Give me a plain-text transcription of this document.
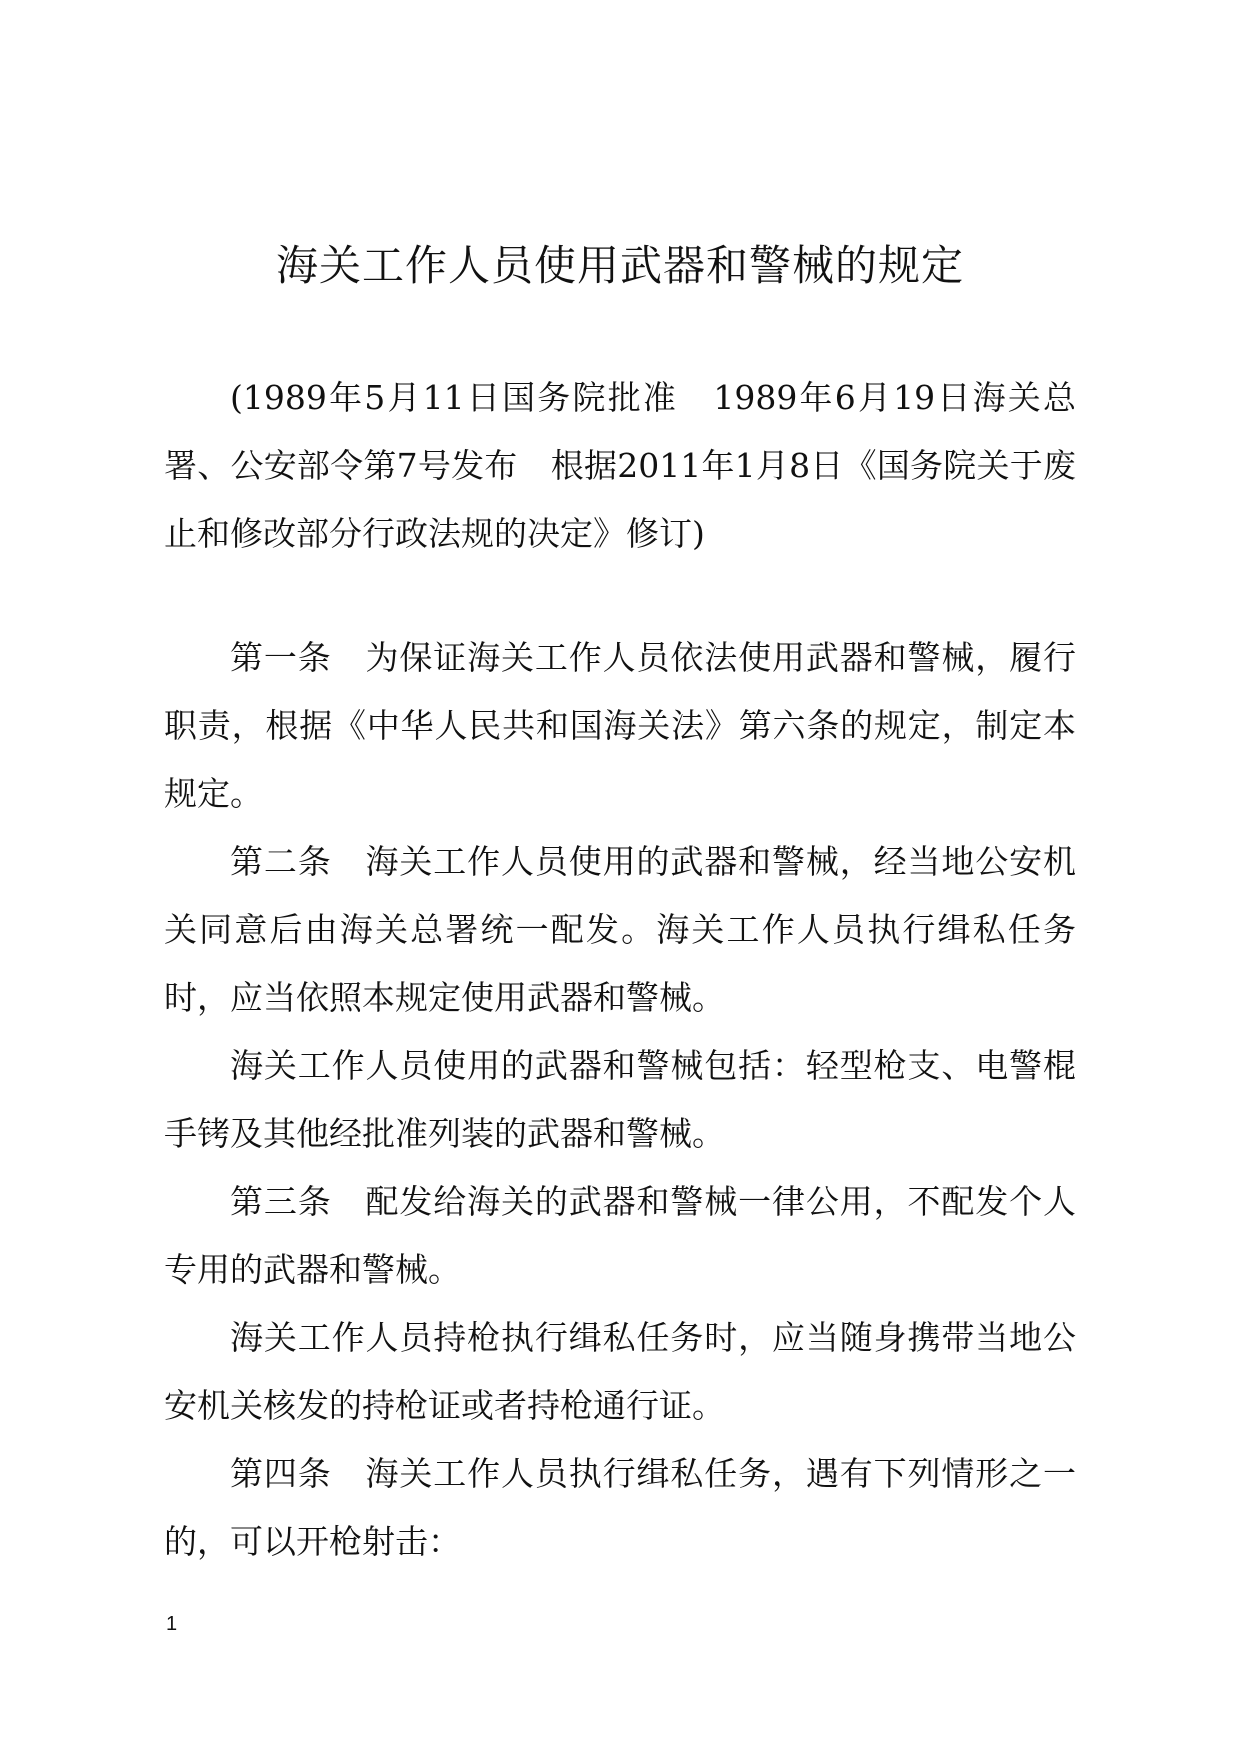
海关工作人员使用武器和警械的规定

(1989年5月11日国务院批准　1989年6月19日海关总署、公安部令第7号发布　根据2011年1月8日《国务院关于废止和修改部分行政法规的决定》修订)

第一条　为保证海关工作人员依法使用武器和警械，履行职责，根据《中华人民共和国海关法》第六条的规定，制定本规定。

第二条　海关工作人员使用的武器和警械，经当地公安机关同意后由海关总署统一配发。海关工作人员执行缉私任务时，应当依照本规定使用武器和警械。

海关工作人员使用的武器和警械包括：轻型枪支、电警棍手铐及其他经批准列装的武器和警械。

第三条　配发给海关的武器和警械一律公用，不配发个人专用的武器和警械。

海关工作人员持枪执行缉私任务时，应当随身携带当地公安机关核发的持枪证或者持枪通行证。

第四条　海关工作人员执行缉私任务，遇有下列情形之一的，可以开枪射击：

1
